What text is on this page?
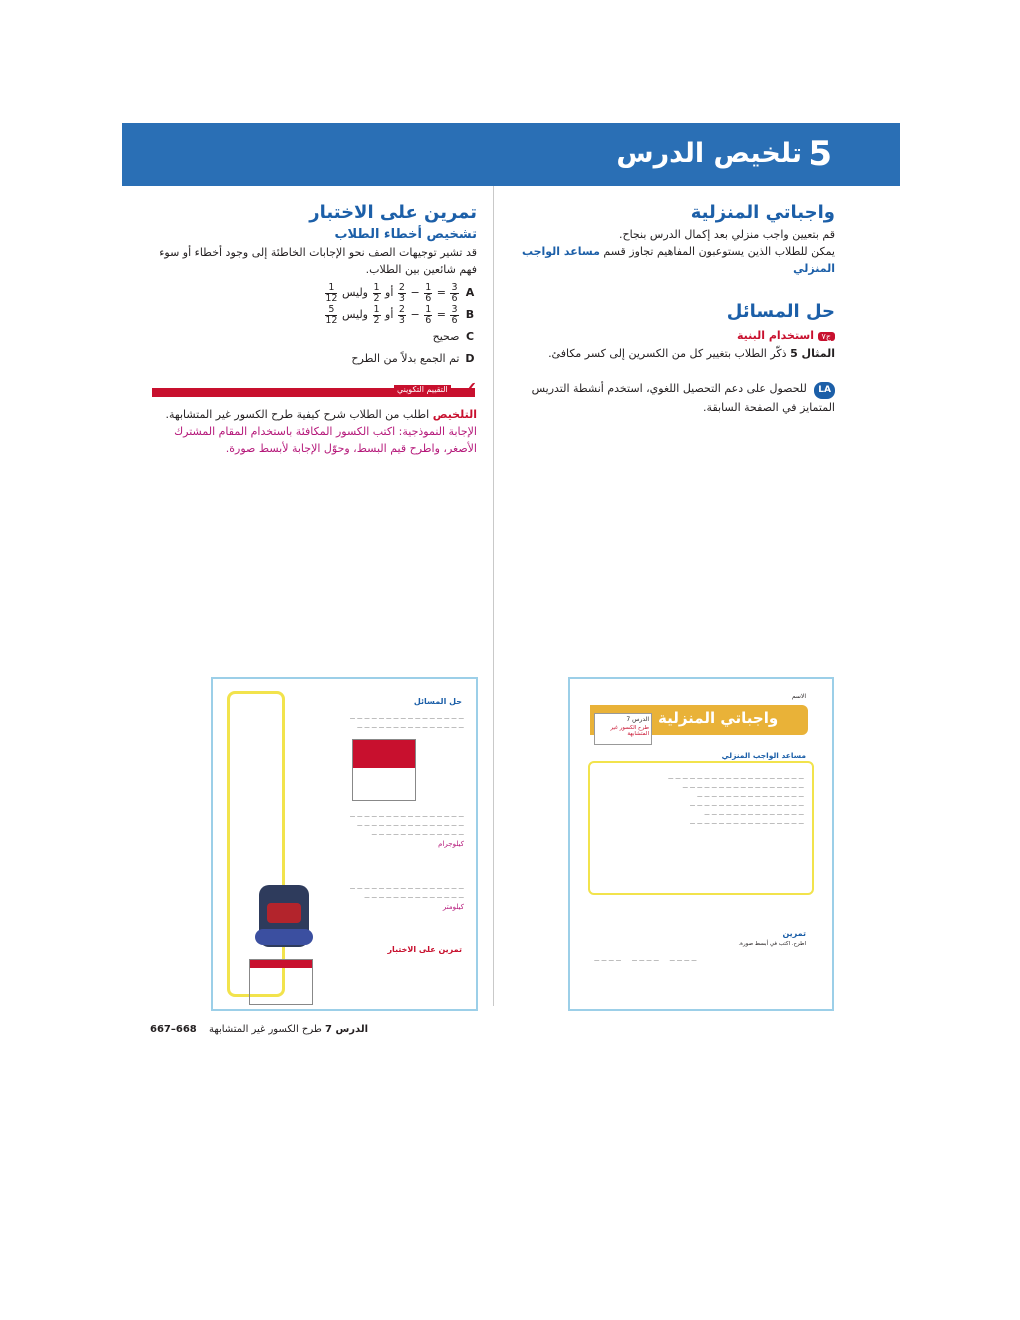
5
تلخيص الدرس
واجباتي المنزلية
قم بتعيين واجب منزلي بعد إكمال الدرس بنجاح.
يمكن للطلاب الذين يستوعبون المفاهيم تجاوز قسم مساعد الواجب المنزلي
حل المسائل
ج٧ استخدام البنية
المثال 5 ذكّر الطلاب بتغيير كل من الكسرين إلى كسر مكافئ.
LA للحصول على دعم التحصيل اللغوي، استخدم أنشطة التدريس المتمايز في الصفحة السابقة.
تمرين على الاختبار
تشخيص أخطاء الطلاب
قد تشير توجيهات الصف نحو الإجابات الخاطئة إلى وجود أخطاء أو سوء فهم شائعين بين الطلاب.
A
$\frac{2}{3} - \frac{1}{6} = \frac{3}{6}$
أو
$\frac{1}{2}$
وليس
$\frac{1}{12}$
B
$\frac{2}{3} - \frac{1}{6} = \frac{3}{6}$
أو
$\frac{1}{2}$
وليس
$\frac{5}{12}$
C صحيح
D تم الجمع بدلاً من الطرح
التقييم التكويني ✓
التلخيص اطلب من الطلاب شرح كيفية طرح الكسور غير المتشابهة.
الإجابة النموذجية: اكتب الكسور المكافئة باستخدام المقام المشترك الأصغر، واطرح قيم البسط، وحوّل الإجابة لأبسط صورة.
حل المسائل
— — — — — — — — — — — — — — — —
— — — — — — — — — — — — — — —
— — — — — — — — — — — — — — — —
— — — — — — — — — — — — — — —
— — — — — — — — — — — — —
كيلوجرام
— — — — — — — — — — — — — — — —
— — — — — — — — — — — — — —
كيلومتر
تمرين على الاختبار
الاسم
واجباتي المنزلية
الدرس 7
طرح الكسور غير المتشابهة
مساعد الواجب المنزلي
— — — — — — — — — — — — — — — — — — —
— — — — — — — — — — — — — — — — —
— — — — — — — — — — — — — — —
— — — — — — — — — — — — — — — —
— — — — — — — — — — — — — —
— — — — — — — — — — — — — — — —
تمرين
اطرح. اكتب في أبسط صورة.
— — — —      — — — —      — — — —
667–668	الدرس 7 طرح الكسور غير المتشابهة
